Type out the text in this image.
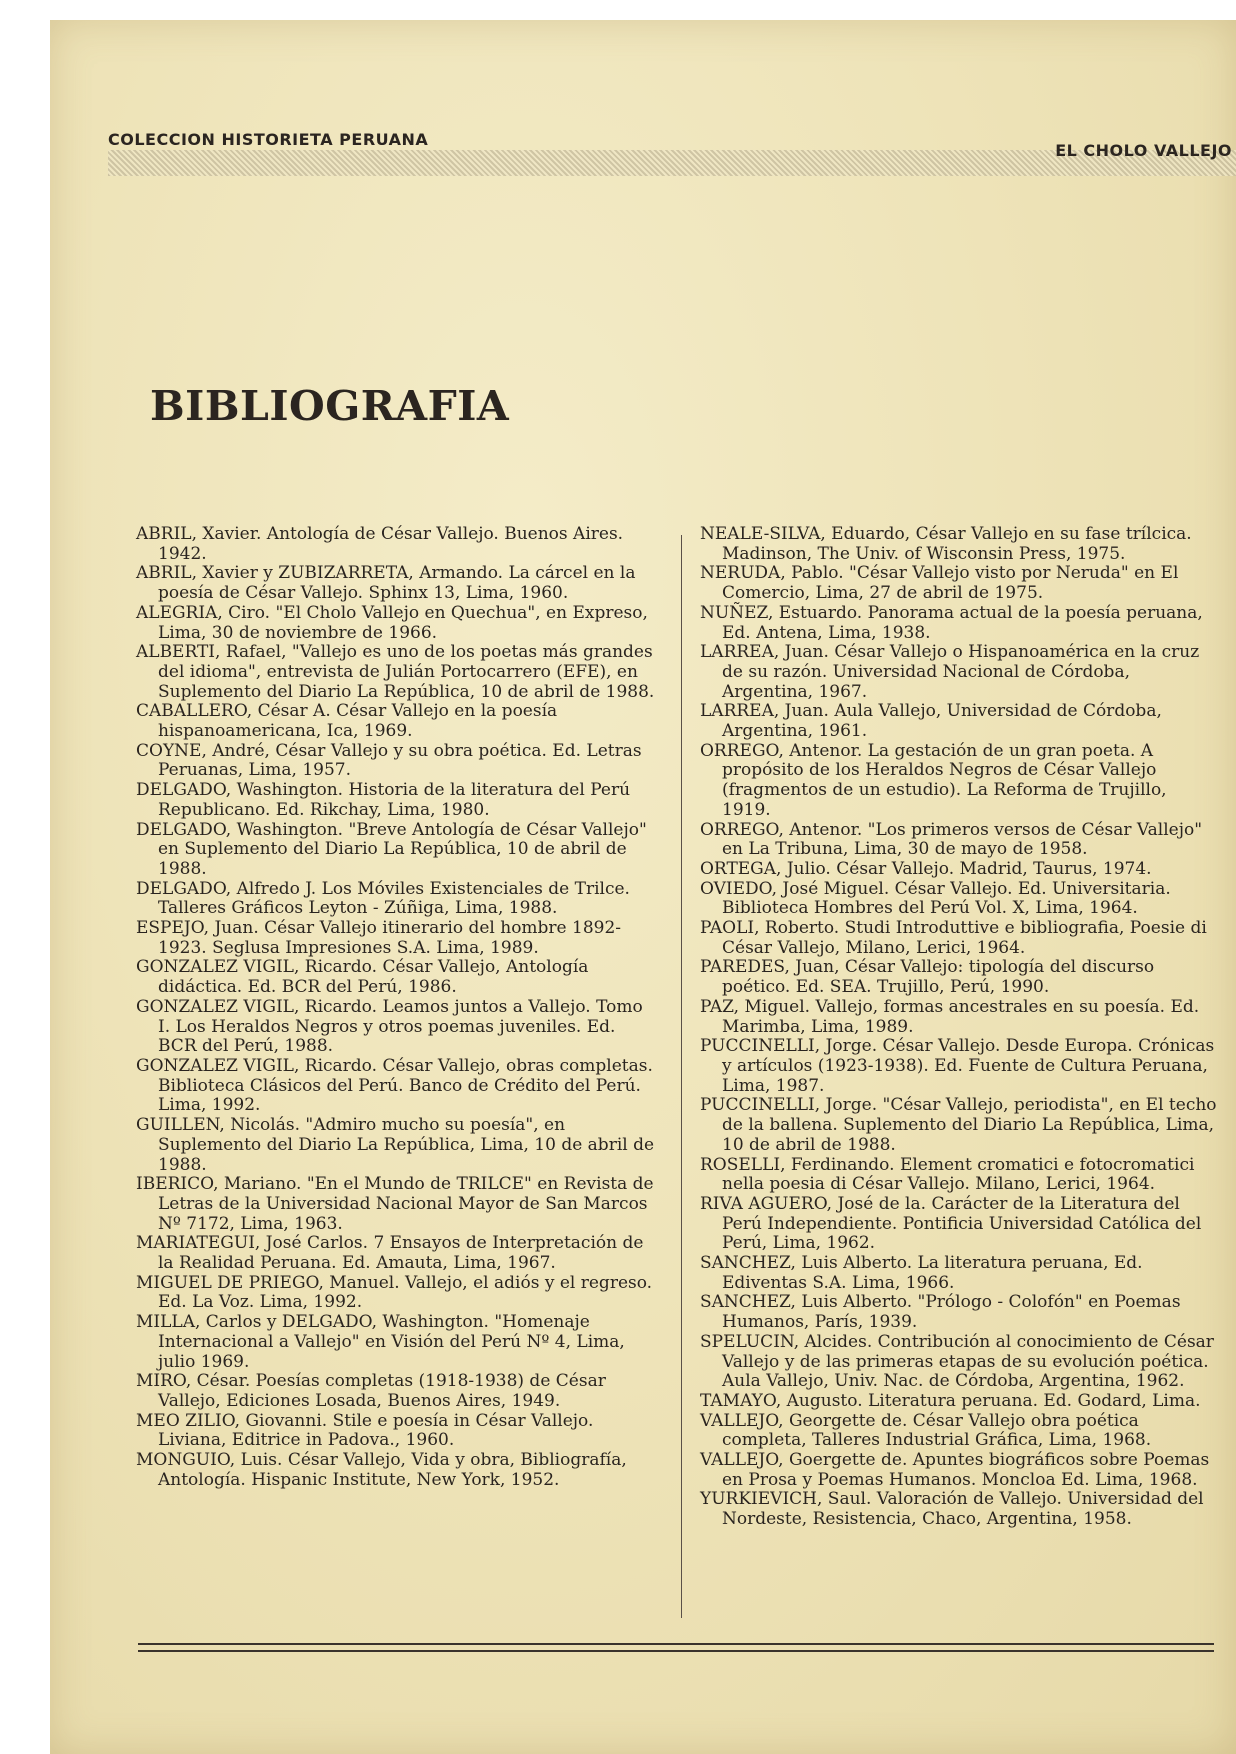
COLECCION HISTORIETA PERUANA
EL CHOLO VALLEJO
BIBLIOGRAFIA

ABRIL, Xavier. Antología de César Vallejo. Buenos Aires. 1942.

ABRIL, Xavier y ZUBIZARRETA, Armando. La cárcel en la poesía de César Vallejo. Sphinx 13, Lima, 1960.

ALEGRIA, Ciro. "El Cholo Vallejo en Quechua", en Expreso, Lima, 30 de noviembre de 1966.

ALBERTI, Rafael, "Vallejo es uno de los poetas más grandes del idioma", entrevista de Julián Portocarrero (EFE), en Suplemento del Diario La República, 10 de abril de 1988.

CABALLERO, César A. César Vallejo en la poesía hispanoamericana, Ica, 1969.

COYNE, André, César Vallejo y su obra poética. Ed. Letras Peruanas, Lima, 1957.

DELGADO, Washington. Historia de la literatura del Perú Republicano. Ed. Rikchay, Lima, 1980.

DELGADO, Washington. "Breve Antología de César Vallejo" en Suplemento del Diario La República, 10 de abril de 1988.

DELGADO, Alfredo J. Los Móviles Existenciales de Trilce. Talleres Gráficos Leyton - Zúñiga, Lima, 1988.

ESPEJO, Juan. César Vallejo itinerario del hombre 1892-1923. Seglusa Impresiones S.A. Lima, 1989.

GONZALEZ VIGIL, Ricardo. César Vallejo, Antología didáctica. Ed. BCR del Perú, 1986.

GONZALEZ VIGIL, Ricardo. Leamos juntos a Vallejo. Tomo I. Los Heraldos Negros y otros poemas juveniles. Ed. BCR del Perú, 1988.

GONZALEZ VIGIL, Ricardo. César Vallejo, obras completas. Biblioteca Clásicos del Perú. Banco de Crédito del Perú. Lima, 1992.

GUILLEN, Nicolás. "Admiro mucho su poesía", en Suplemento del Diario La República, Lima, 10 de abril de 1988.

IBERICO, Mariano. "En el Mundo de TRILCE" en Revista de Letras de la Universidad Nacional Mayor de San Marcos Nº 7172, Lima, 1963.

MARIATEGUI, José Carlos. 7 Ensayos de Interpretación de la Realidad Peruana. Ed. Amauta, Lima, 1967.

MIGUEL DE PRIEGO, Manuel. Vallejo, el adiós y el regreso. Ed. La Voz. Lima, 1992.

MILLA, Carlos y DELGADO, Washington. "Homenaje Internacional a Vallejo" en Visión del Perú Nº 4, Lima, julio 1969.

MIRO, César. Poesías completas (1918-1938) de César Vallejo, Ediciones Losada, Buenos Aires, 1949.

MEO ZILIO, Giovanni. Stile e poesía in César Vallejo. Liviana, Editrice in Padova., 1960.

MONGUIO, Luis. César Vallejo, Vida y obra, Bibliografía, Antología. Hispanic Institute, New York, 1952.

NEALE-SILVA, Eduardo, César Vallejo en su fase trílcica. Madinson, The Univ. of Wisconsin Press, 1975.

NERUDA, Pablo. "César Vallejo visto por Neruda" en El Comercio, Lima, 27 de abril de 1975.

NUÑEZ, Estuardo. Panorama actual de la poesía peruana, Ed. Antena, Lima, 1938.

LARREA, Juan. César Vallejo o Hispanoamérica en la cruz de su razón. Universidad Nacional de Córdoba, Argentina, 1967.

LARREA, Juan. Aula Vallejo, Universidad de Córdoba, Argentina, 1961.

ORREGO, Antenor. La gestación de un gran poeta. A propósito de los Heraldos Negros de César Vallejo (fragmentos de un estudio). La Reforma de Trujillo, 1919.

ORREGO, Antenor. "Los primeros versos de César Vallejo" en La Tribuna, Lima, 30 de mayo de 1958.

ORTEGA, Julio. César Vallejo. Madrid, Taurus, 1974.

OVIEDO, José Miguel. César Vallejo. Ed. Universitaria. Biblioteca Hombres del Perú Vol. X, Lima, 1964.

PAOLI, Roberto. Studi Introduttive e bibliografia, Poesie di César Vallejo, Milano, Lerici, 1964.

PAREDES, Juan, César Vallejo: tipología del discurso poético. Ed. SEA. Trujillo, Perú, 1990.

PAZ, Miguel. Vallejo, formas ancestrales en su poesía. Ed. Marimba, Lima, 1989.

PUCCINELLI, Jorge. César Vallejo. Desde Europa. Crónicas y artículos (1923-1938). Ed. Fuente de Cultura Peruana, Lima, 1987.

PUCCINELLI, Jorge. "César Vallejo, periodista", en El techo de la ballena. Suplemento del Diario La República, Lima, 10 de abril de 1988.

ROSELLI, Ferdinando. Element cromatici e fotocromatici nella poesia di César Vallejo. Milano, Lerici, 1964.

RIVA AGUERO, José de la. Carácter de la Literatura del Perú Independiente. Pontificia Universidad Católica del Perú, Lima, 1962.

SANCHEZ, Luis Alberto. La literatura peruana, Ed. Ediventas S.A. Lima, 1966.

SANCHEZ, Luis Alberto. "Prólogo - Colofón" en Poemas Humanos, París, 1939.

SPELUCIN, Alcides. Contribución al conocimiento de César Vallejo y de las primeras etapas de su evolución poética. Aula Vallejo, Univ. Nac. de Córdoba, Argentina, 1962.

TAMAYO, Augusto. Literatura peruana. Ed. Godard, Lima.

VALLEJO, Georgette de. César Vallejo obra poética completa, Talleres Industrial Gráfica, Lima, 1968.

VALLEJO, Goergette de. Apuntes biográficos sobre Poemas en Prosa y Poemas Humanos. Moncloa Ed. Lima, 1968.

YURKIEVICH, Saul. Valoración de Vallejo. Universidad del Nordeste, Resistencia, Chaco, Argentina, 1958.
